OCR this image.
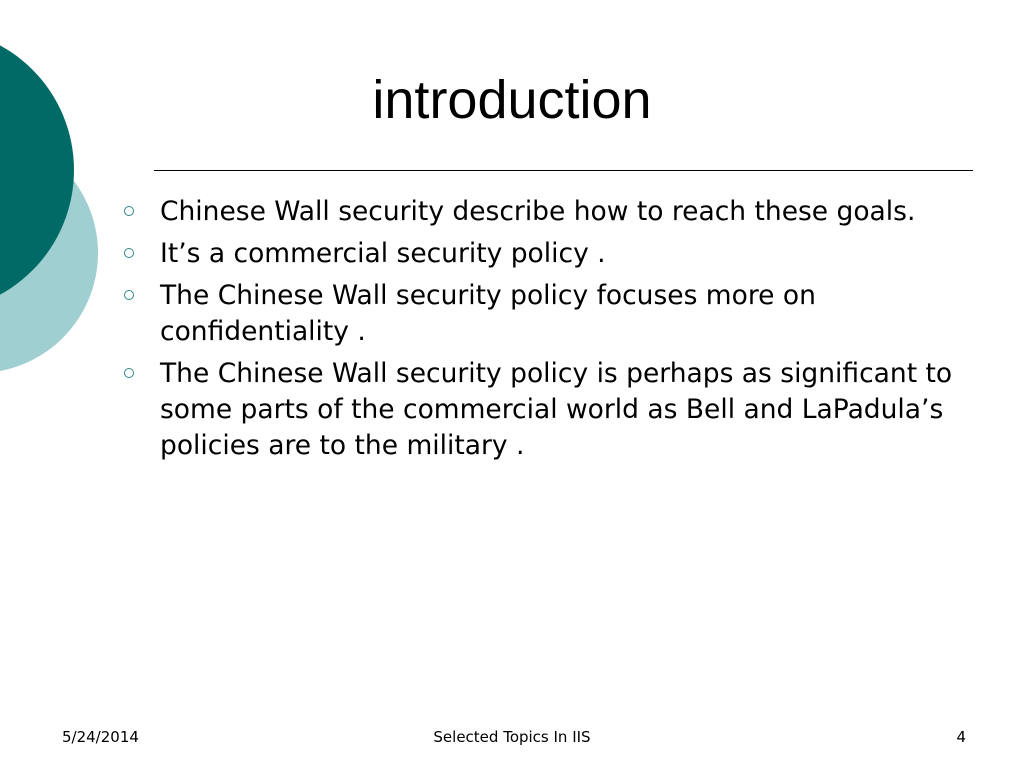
introduction
Chinese Wall security describe how to reach these goals.
It’s a commercial security policy .
The Chinese Wall security policy focuses more on confidentiality .
The Chinese Wall security policy is perhaps as significant to some parts of the commercial world as Bell and LaPadula’s policies are to the military .
5/24/2014	Selected Topics In IIS	4
